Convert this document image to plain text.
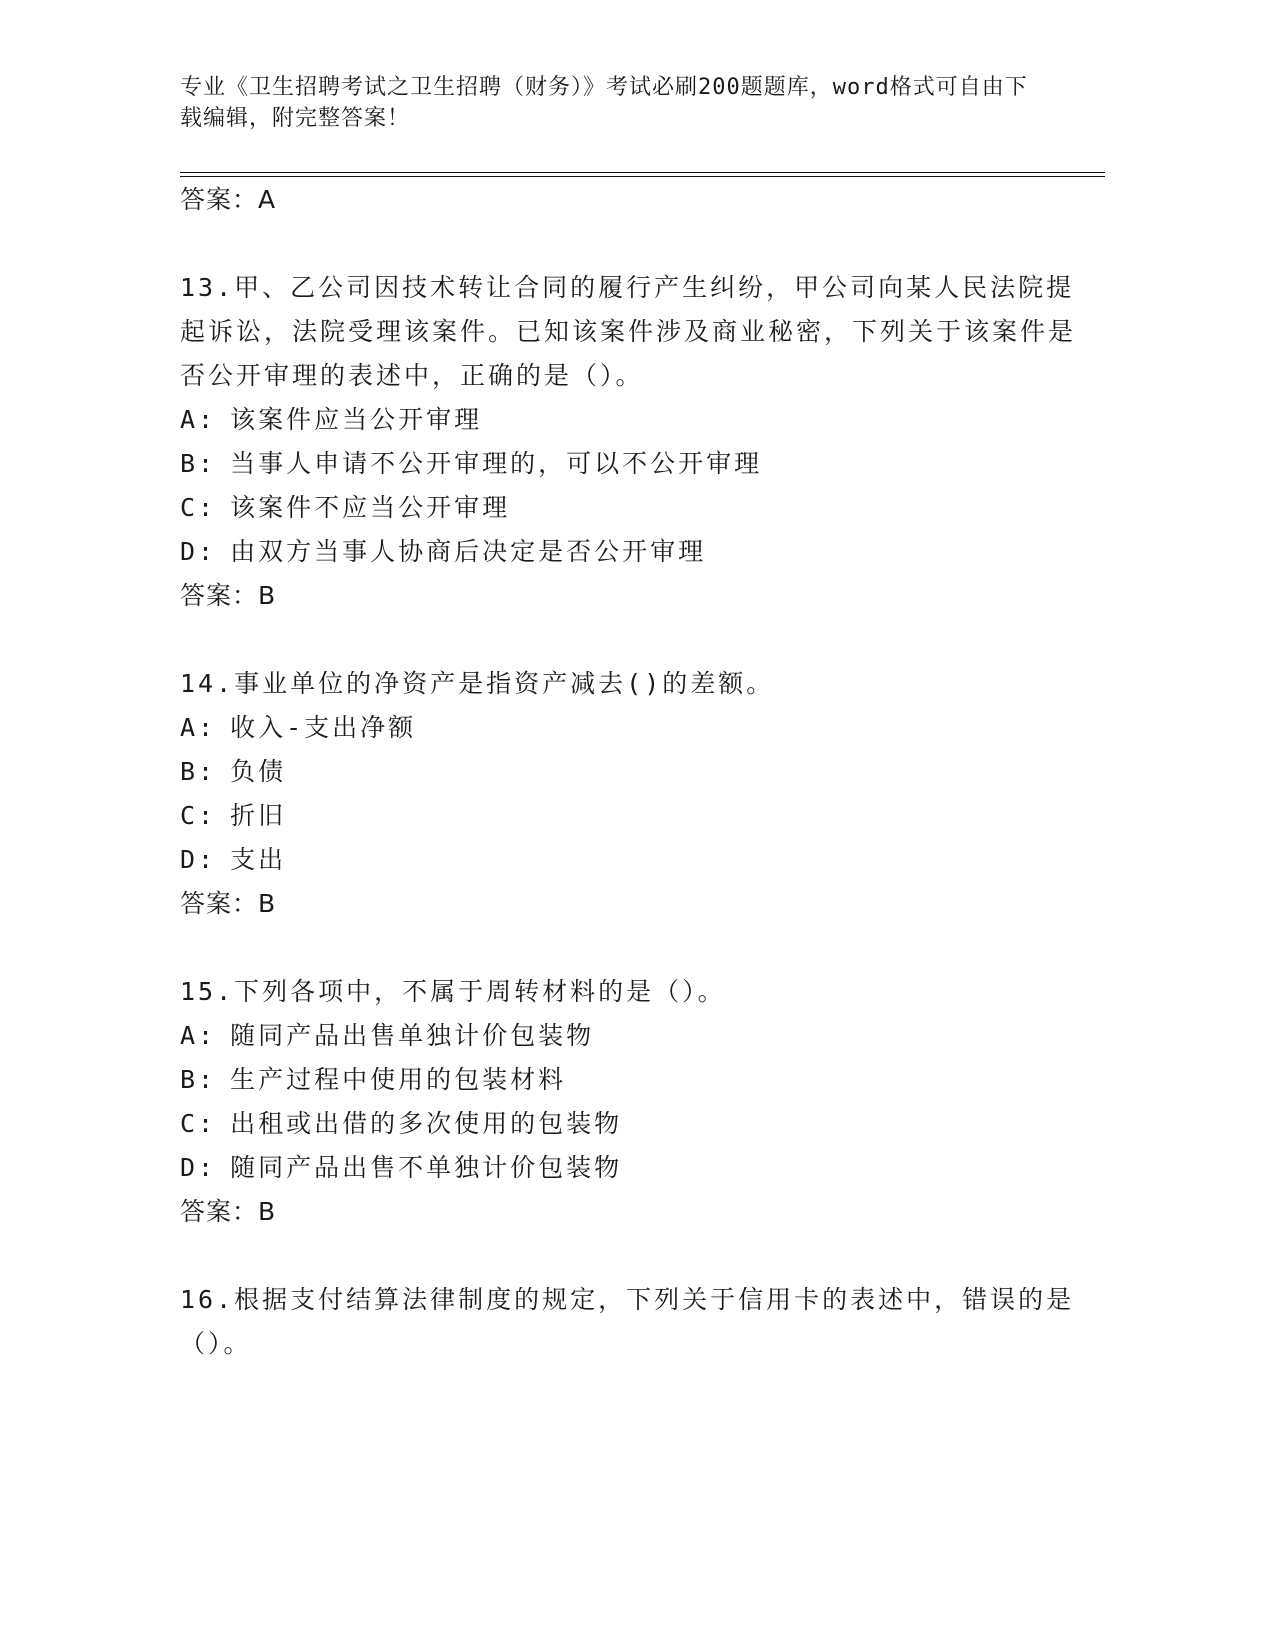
专业《卫生招聘考试之卫生招聘（财务）》考试必刷200题题库，word格式可自由下载编辑，附完整答案！
答案：A
13.甲、乙公司因技术转让合同的履行产生纠纷，甲公司向某人民法院提起诉讼，法院受理该案件。已知该案件涉及商业秘密，下列关于该案件是否公开审理的表述中，正确的是（）。
A: 该案件应当公开审理
B: 当事人申请不公开审理的，可以不公开审理
C: 该案件不应当公开审理
D: 由双方当事人协商后决定是否公开审理
答案：B
14.事业单位的净资产是指资产减去()的差额。
A: 收入-支出净额
B: 负债
C: 折旧
D: 支出
答案：B
15.下列各项中，不属于周转材料的是（）。
A: 随同产品出售单独计价包装物
B: 生产过程中使用的包装材料
C: 出租或出借的多次使用的包装物
D: 随同产品出售不单独计价包装物
答案：B
16.根据支付结算法律制度的规定，下列关于信用卡的表述中，错误的是（）。
